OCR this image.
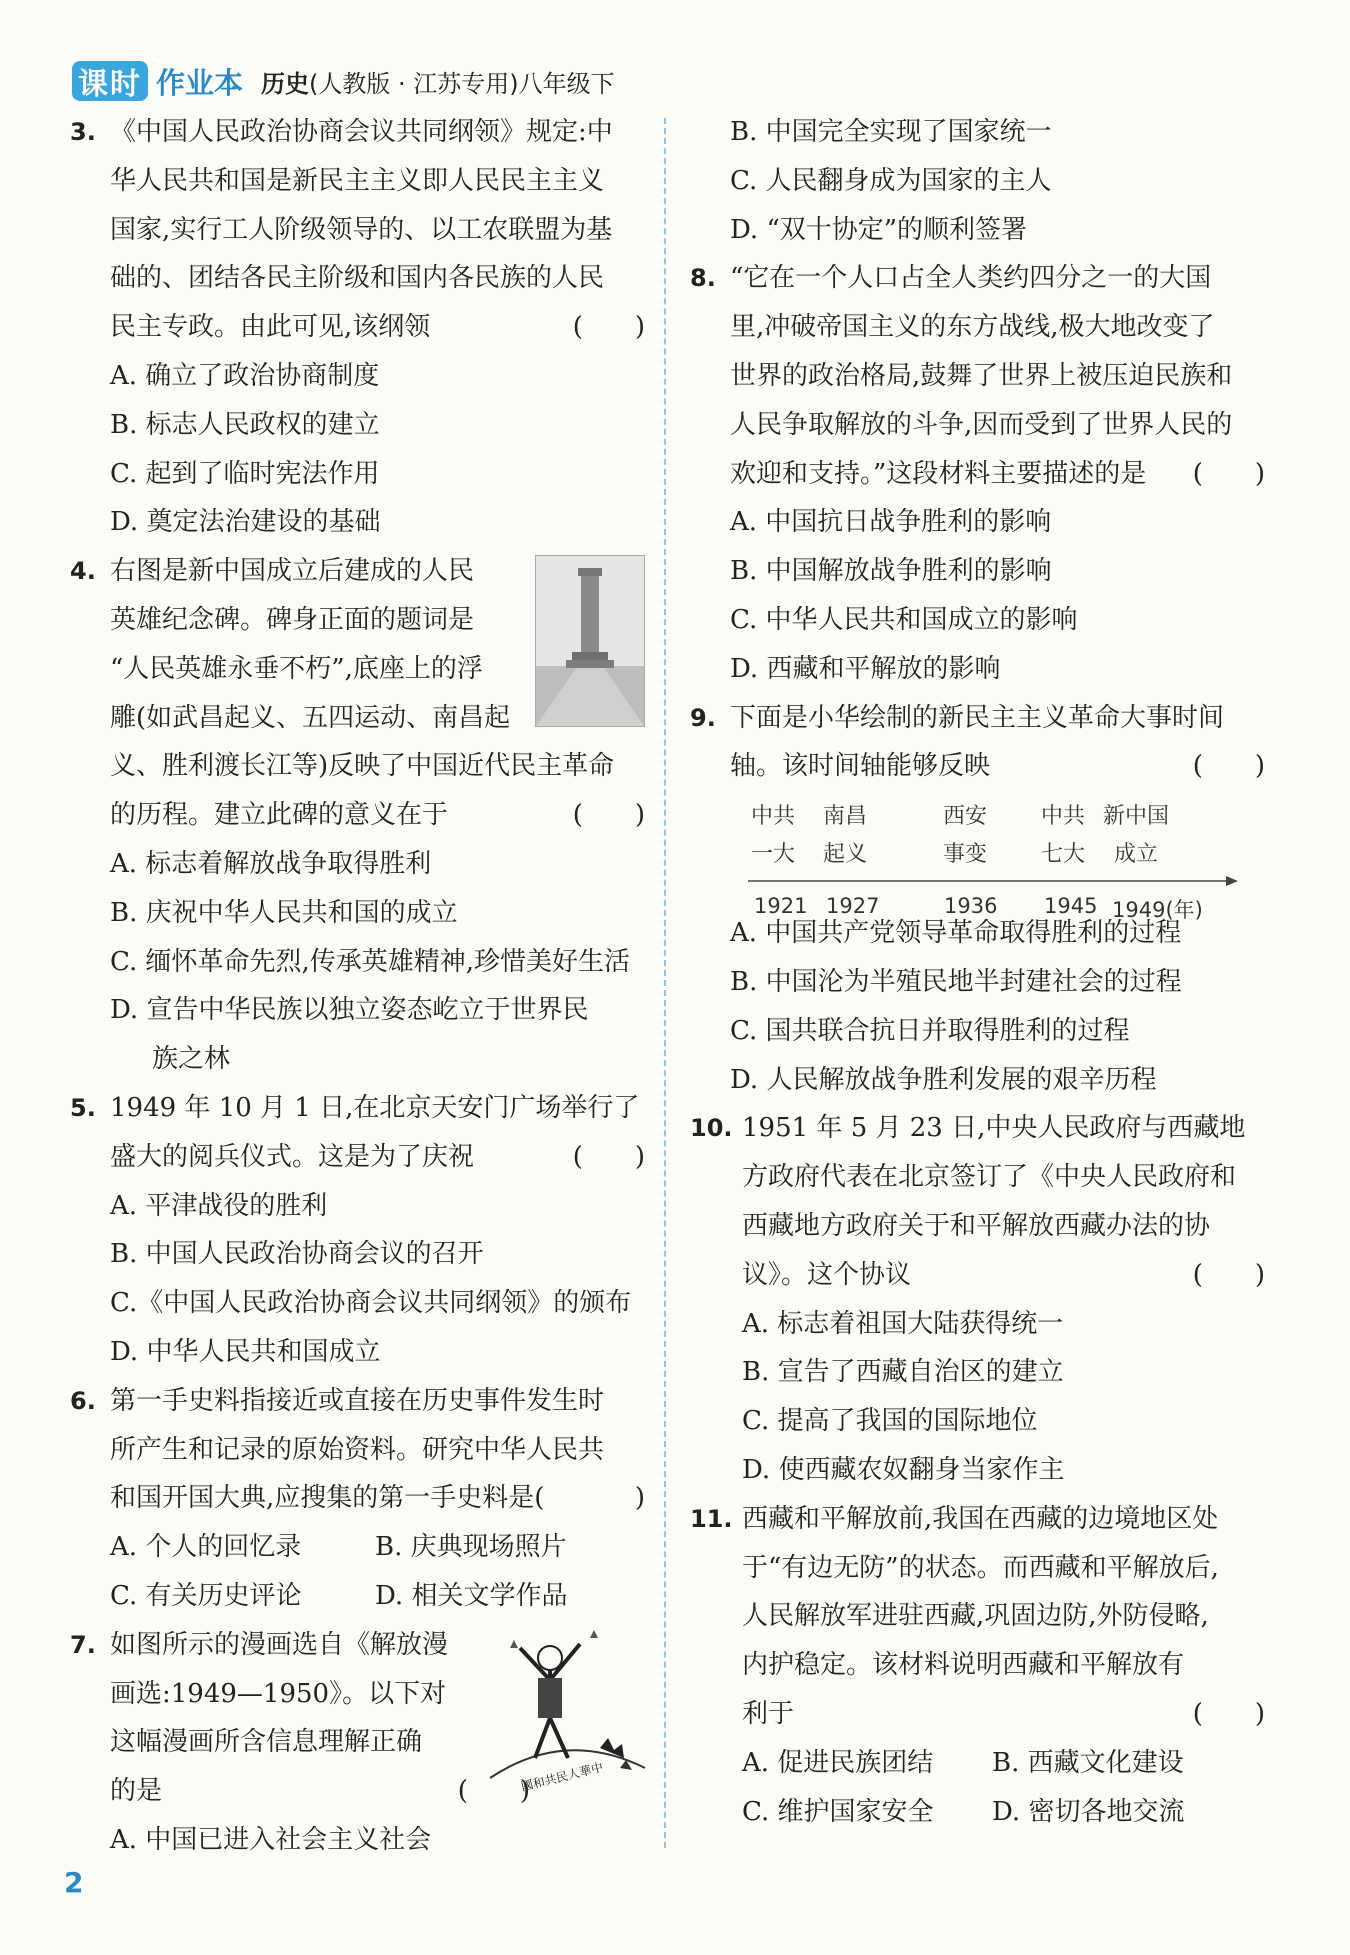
课时 作业本 历史(人教版 · 江苏专用)八年级下
3. 《中国人民政治协商会议共同纲领》规定:中
华人民共和国是新民主主义即人民民主主义
国家,实行工人阶级领导的、以工农联盟为基
础的、团结各民主阶级和国内各民族的人民
民主专政。由此可见,该纲领	(　　)
A. 确立了政治协商制度
B. 标志人民政权的建立
C. 起到了临时宪法作用
D. 奠定法治建设的基础
4. 右图是新中国成立后建成的人民
英雄纪念碑。碑身正面的题词是
“人民英雄永垂不朽”,底座上的浮
雕(如武昌起义、五四运动、南昌起
义、胜利渡长江等)反映了中国近代民主革命
的历程。建立此碑的意义在于	(　　)
A. 标志着解放战争取得胜利
B. 庆祝中华人民共和国的成立
C. 缅怀革命先烈,传承英雄精神,珍惜美好生活
D. 宣告中华民族以独立姿态屹立于世界民
族之林
5. 1949 年 10 月 1 日,在北京天安门广场举行了
盛大的阅兵仪式。这是为了庆祝	(　　)
A. 平津战役的胜利
B. 中国人民政治协商会议的召开
C.《中国人民政治协商会议共同纲领》的颁布
D. 中华人民共和国成立
6. 第一手史料指接近或直接在历史事件发生时
所产生和记录的原始资料。研究中华人民共
和国开国大典,应搜集的第一手史料是( 　)
A. 个人的回忆录	B. 庆典现场照片
C. 有关历史评论	D. 相关文学作品
7. 如图所示的漫画选自《解放漫
画选:1949—1950》。以下对
这幅漫画所含信息理解正确
的是	(　　)
A. 中国已进入社会主义社会
國和共民人華中
B. 中国完全实现了国家统一
C. 人民翻身成为国家的主人
D. “双十协定”的顺利签署
8. “它在一个人口占全人类约四分之一的大国
里,冲破帝国主义的东方战线,极大地改变了
世界的政治格局,鼓舞了世界上被压迫民族和
人民争取解放的斗争,因而受到了世界人民的
欢迎和支持。”这段材料主要描述的是 (　　)
A. 中国抗日战争胜利的影响
B. 中国解放战争胜利的影响
C. 中华人民共和国成立的影响
D. 西藏和平解放的影响
9. 下面是小华绘制的新民主主义革命大事时间
轴。该时间轴能够反映	(　　)
A. 中国共产党领导革命取得胜利的过程
B. 中国沦为半殖民地半封建社会的过程
C. 国共联合抗日并取得胜利的过程
D. 人民解放战争胜利发展的艰辛历程
10. 1951 年 5 月 23 日,中央人民政府与西藏地
方政府代表在北京签订了《中央人民政府和
西藏地方政府关于和平解放西藏办法的协
议》。这个协议	(　　)
A. 标志着祖国大陆获得统一
B. 宣告了西藏自治区的建立
C. 提高了我国的国际地位
D. 使西藏农奴翻身当家作主
11. 西藏和平解放前,我国在西藏的边境地区处
于“有边无防”的状态。而西藏和平解放后,
人民解放军进驻西藏,巩固边防,外防侵略,
内护稳定。该材料说明西藏和平解放有
利于	(　　)
A. 促进民族团结	B. 西藏文化建设
C. 维护国家安全	D. 密切各地交流
中共
一大
南昌
起义
西安
事变
中共
七大
新中国
成立
1921 1927	1936 1945 1949(年)
2
